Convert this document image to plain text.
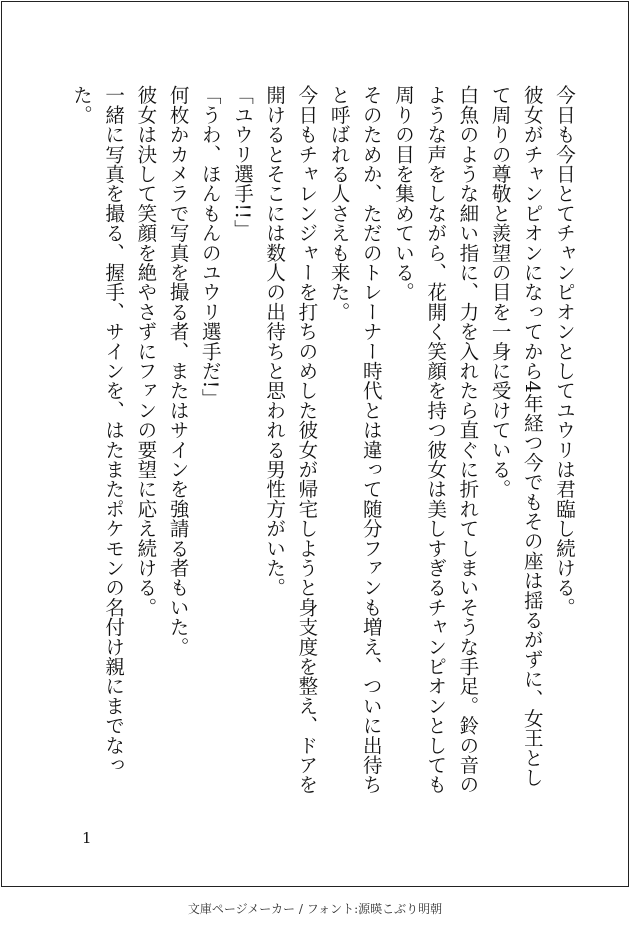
今日も今日とてチャンピオンとしてユウリは君臨し続ける。

彼女がチャンピオンになってから4年経つ今でもその座は揺るがずに、女王として周りの尊敬と羨望の目を一身に受けている。

白魚のような細い指に、力を入れたら直ぐに折れてしまいそうな手足。鈴の音のような声をしながら、花開く笑顔を持つ彼女は美しすぎるチャンピオンとしても周りの目を集めている。

そのためか、ただのトレーナー時代とは違って随分ファンも増え、ついに出待ちと呼ばれる人さえも来た。

今日もチャレンジャーを打ちのめした彼女が帰宅しようと身支度を整え、ドアを開けるとそこには数人の出待ちと思われる男性方がいた。

「ユウリ選手!!」

「うわ、ほんもんのユウリ選手だ!」

何枚かカメラで写真を撮る者、またはサインを強請る者もいた。

彼女は決して笑顔を絶やさずにファンの要望に応え続ける。

一緒に写真を撮る、握手、サインを、はたまたポケモンの名付け親にまでなった。

1
文庫ページメーカー / フォント:源暎こぶり明朝
